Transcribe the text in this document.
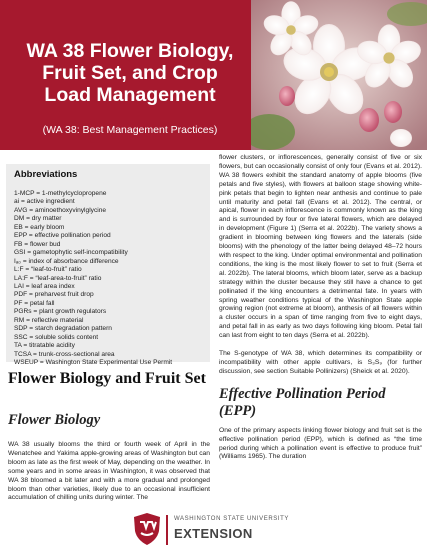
WA 38 Flower Biology,
Fruit Set, and Crop
Load Management
(WA 38: Best Management Practices)
Abbreviations
1-MCP = 1-methylcyclopropene
ai = active ingredient
AVG = aminoethoxyvinylglycine
DM = dry matter
EB = early bloom
EPP = effective pollination period
FB = flower bud
GSI = gametophytic self-incompatibility
Iₐ₀ = index of absorbance difference
L:F = “leaf-to-fruit” ratio
LA:F = “leaf-area-to-fruit” ratio
LAI = leaf area index
PDF = preharvest fruit drop
PF = petal fall
PGRs = plant growth regulators
RM = reflective material
SDP = starch degradation pattern
SSC = soluble solids content
TA = titratable acidity
TCSA = trunk-cross-sectional area
WSEUP = Washington State Experimental Use Permit
Flower Biology and Fruit Set
Flower Biology

WA 38 usually blooms the third or fourth week of April in the Wenatchee and Yakima apple-growing areas of Washington but can bloom as late as the first week of May, depending on the weather. In some years and in some areas in Washington, it was observed that WA 38 bloomed a bit later and with a more gradual and prolonged bloom than other varieties, likely due to an occasional insufficient accumulation of chilling units during winter. The

flower clusters, or inflorescences, generally consist of five or six flowers, but can occasionally consist of only four (Evans et al. 2012). WA 38 flowers exhibit the standard anatomy of apple blooms (five petals and five styles), with flowers at balloon stage showing white-pink petals that begin to lighten near anthesis and continue to pale until maturity and petal fall (Evans et al. 2012). The central, or apical, flower in each inflorescence is commonly known as the king and is surrounded by four or five lateral flowers, which are delayed in development (Figure 1) (Serra et al. 2022b). The variety shows a gradient in blooming between king flowers and the laterals (side blooms) with the phenology of the latter being delayed 48–72 hours with respect to the king. Under optimal environmental and pollination conditions, the king is the most likely flower to set to fruit (Serra et al. 2022b). The lateral blooms, which bloom later, serve as a backup strategy within the cluster because they still have a chance to get pollinated if the king encounters a detrimental fate. In years with spring weather conditions typical of the Washington State apple growing region (not extreme at bloom), anthesis of all flowers within a cluster occurs in a span of time ranging from five to eight days, and petal fall in as early as two days following king bloom. Petal fall can last from eight to ten days (Serra et al. 2022b).

The S-genotype of WA 38, which determines its compatibility or incompatibility with other apple cultivars, is S₃S₉ (for further discussion, see section Suitable Pollinizers) (Sheick et al. 2020).

Effective Pollination Period (EPP)

One of the primary aspects linking flower biology and fruit set is the effective pollination period (EPP), which is defined as “the time period during which a pollination event is effective to produce fruit” (Williams 1965). The duration

WASHINGTON STATE UNIVERSITY
EXTENSION
